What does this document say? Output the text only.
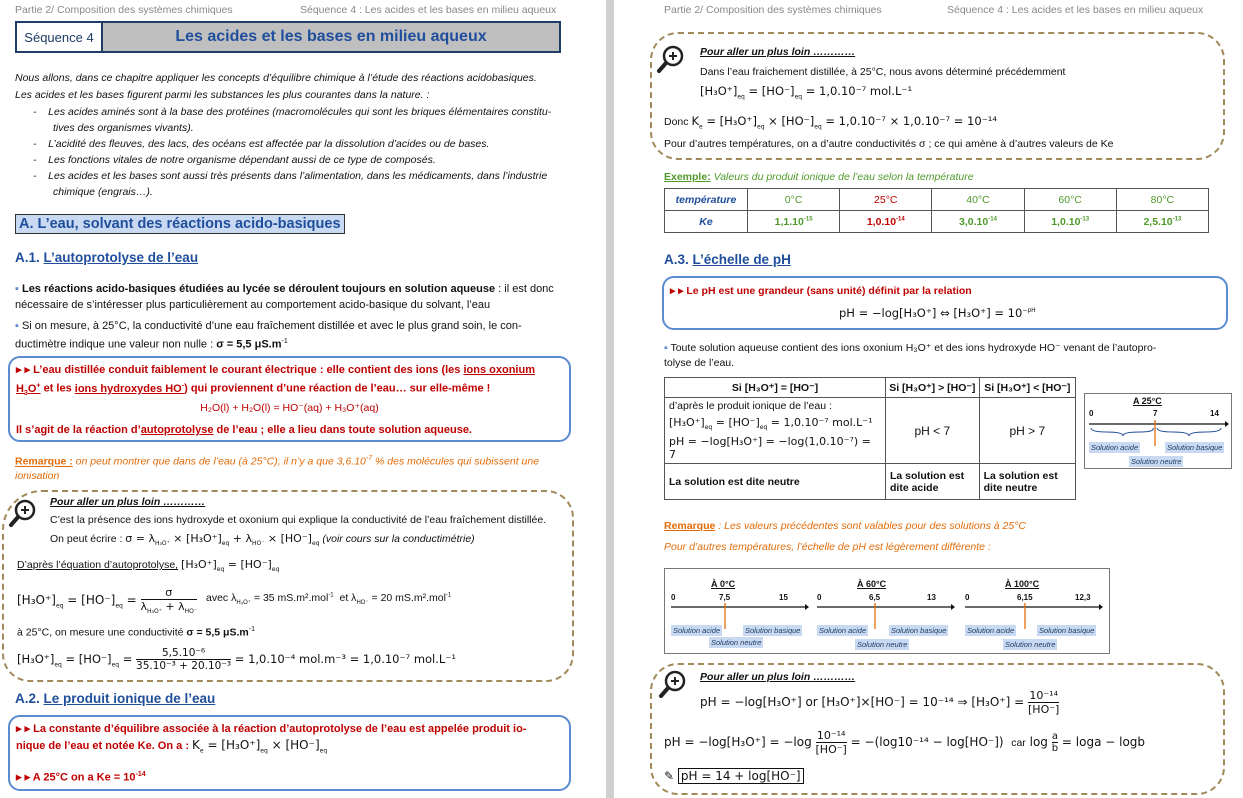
Partie 2/ Composition des systèmes chimiques	Séquence 4 : Les acides et les bases en milieu aqueux
Séquence 4	Les acides et les bases en milieu aqueux
Nous allons, dans ce chapitre appliquer les concepts d’équilibre chimique à l’étude des réactions acidobasiques.
Les acides et les bases figurent parmi les substances les plus courantes dans la nature. :
-    Les acides aminés sont à la base des protéines (macromolécules qui sont les briques élémentaires constitu-
tives des organismes vivants).
-    L’acidité des fleuves, des lacs, des océans est affectée par la dissolution d’acides ou de bases.
-    Les fonctions vitales de notre organisme dépendant aussi de ce type de composés.
-    Les acides et les bases sont aussi très présents dans l’alimentation, dans les médicaments, dans l’industrie
chimique (engrais…).
A. L’eau, solvant des réactions acido-basiques
A.1. L’autoprotolyse de l’eau
▪ Les réactions acido-basiques étudiées au lycée se déroulent toujours en solution aqueuse : il est donc
nécessaire de s’intéresser plus particulièrement au comportement acido-basique du solvant, l’eau
▪ Si on mesure, à 25°C, la conductivité d’une eau fraîchement distillée et avec le plus grand soin, le con-
ductimètre indique une valeur non nulle : σ = 5,5 $\mu S.m^{-1}$
▸ ▸ L’eau distillée conduit faiblement le courant électrique : elle contient des ions (les ions oxonium
$H_3O^+$ et les ions hydroxydes HO-) qui proviennent d’une réaction de l’eau… sur elle-même !
H₂O(l) + H₂O(l) = HO⁻(aq) + H₃O⁺(aq)
Il s’agit de la réaction d’autoprotolyse de l’eau ; elle a lieu dans toute solution aqueuse.
Remarque : on peut montrer que dans de l’eau (à 25°C), il n’y a que $3,6.10^{-7}$ % des molécules qui subissent une
ionisation
Pour aller un plus loin …………
C’est la présence des ions hydroxyde et oxonium qui explique la conductivité de l’eau fraîchement distillée.
On peut écrire : $\sigma = \lambda_{H_3O^+} \times [H_3O^+]_{eq} + \lambda_{HO^-} \times [HO^-]_{eq}$ (voir cours sur la conductimétrie)
D’après l’équation d’autoprotolyse, $[H_3O^+]_{eq} = [HO^-]_{eq}$
$[H_3O^+]_{eq} = [HO^-]_{eq}$ =
σ
$\lambda_{H_3O^+} + \lambda_{HO^-}$
avec $\lambda_{H_3O^+} = 35$ mS.m².mol$^{-1}$ et $\lambda_{HO^-} = 20$ mS.m².mol$^{-1}$
à 25°C, on mesure une conductivité σ = 5,5 $\mu S.m^{-1}$
$[H_3O^+]_{eq} = [HO^-]_{eq} = \frac{\text{5,5.10⁻⁶}}{\text{35.10⁻³ + 20.10⁻³}} = 1,0.10^{-4}$ mol.m⁻³ = 1,0.10⁻⁷ mol.L⁻¹
A.2. Le produit ionique de l’eau
▸ ▸ La constante d’équilibre associée à la réaction d’autoprotolyse de l’eau est appelée produit io-
nique de l’eau et notée Ke. On a : $K_e = [H_3O^+]_{eq} \times [HO^-]_{eq}$
▸ ▸ A 25°C on a $Ke = 10^{-14}$
Partie 2/ Composition des systèmes chimiques	Séquence 4 : Les acides et les bases en milieu aqueux
Pour aller un plus loin …………
Dans l’eau fraichement distillée, à 25°C, nous avons déterminé précédemment
$[H_3O^+]_{eq} = [HO^-]_{eq} = 1,0.10^{-7}$ mol.L⁻¹
Donc $K_e = [H_3O^+]_{eq} \times [HO^-]_{eq} = 1,0.10^{-7} \times 1,0.10^{-7} = 10^{-14}$
Pour d’autres températures, on a d’autre conductivités σ ; ce qui amène à d’autres valeurs de Ke
Exemple: Valeurs du produit ionique de l’eau selon la température
température	0°C	25°C	40°C	60°C	80°C
Ke	$1,1.10^{-15}$	$1,0.10^{-14}$	$3,0.10^{-14}$	$1,0.10^{-13}$	$2,5.10^{-13}$
A.3. L’échelle de pH
▸ ▸ Le pH est une grandeur (sans unité) définit par la relation
pH = −log[H₃O⁺] ⇔ $[H_3O^+] = 10^{-pH}$
▪ Toute solution aqueuse contient des ions oxonium H₃O⁺ et des ions hydroxyde HO⁻ venant de l’autopro-
tolyse de l’eau.
Si [H₃O⁺] = [HO⁻]	Si [H₃O⁺] > [HO⁻]	Si [H₃O⁺] < [HO⁻]

d’après le produit ionique de l’eau :
$[H_3O^+]_{eq} = [HO^-]_{eq} = 1,0.10^{-7}$ mol.L⁻¹
pH = −log[H₃O⁺] = −log(1,0.10⁻⁷) = 7	pH < 7	pH > 7
La solution est dite neutre	La solution est dite acide	La solution est dite neutre
A 25°C
0	7	14
Solution acide	Solution basique
Solution neutre
Remarque : Les valeurs précédentes sont valables pour des solutions à 25°C
Pour d’autres températures, l’échelle de pH est légèrement différente :
À 0°C
0	7,5	15
Solution acide	Solution basique
Solution neutre
À 60°C
0	6,5	13
Solution acide	Solution basique
Solution neutre
À 100°C
0	6,15	12,3
Solution acide	Solution basique
Solution neutre
Pour aller un plus loin …………
pH = −log[H₃O⁺] or [H₃O⁺]×[HO⁻] = 10⁻¹⁴ ⇒ $[H_3O^+] = \frac{\text{10⁻¹⁴}}{[HO^-]}$
pH = $-\log[H_3O^+] = -\log \frac{\text{10⁻¹⁴}}{[HO^-]} = -(\log 10^{-14} - \log[HO^-])$  car $\log \frac{a}{b} = \log a - \log b$
✎ pH = 14 + log[HO⁻]
